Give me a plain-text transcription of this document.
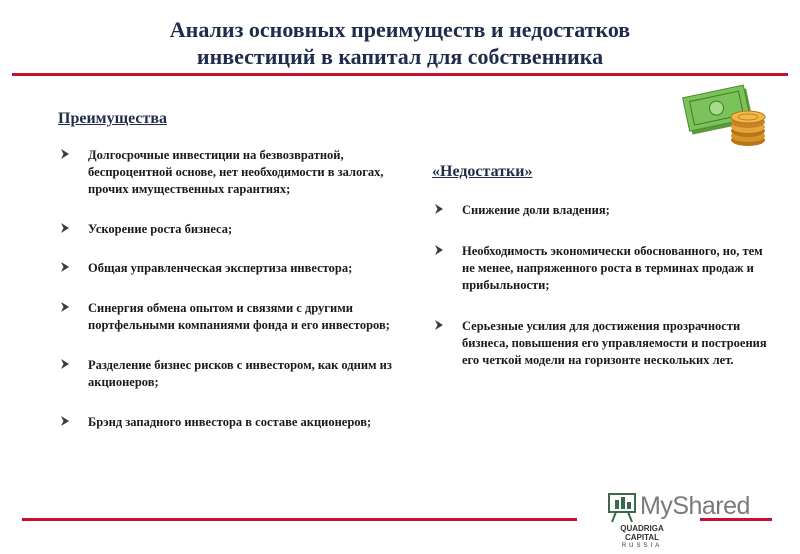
Анализ основных преимуществ и недостатков
инвестиций в капитал для собственника
Преимущества
Долгосрочные инвестиции на безвозвратной, беспроцентной основе, нет необходимости в залогах, прочих имущественных гарантиях;
Ускорение роста бизнеса;
Общая управленческая экспертиза инвестора;
Синергия обмена опытом и связями с другими портфельными компаниями фонда и его инвесторов;
Разделение бизнес рисков с инвестором, как одним из акционеров;
Брэнд западного инвестора в составе акционеров;
«Недостатки»
Снижение доли владения;
Необходимость экономически обоснованного, но, тем не менее, напряженного роста в терминах продаж и прибыльности;
Серьезные усилия для достижения прозрачности бизнеса, повышения его управляемости и построения его четкой модели на горизонте нескольких лет.
MyShared
QUADRIGA CAPITAL
RUSSIA
